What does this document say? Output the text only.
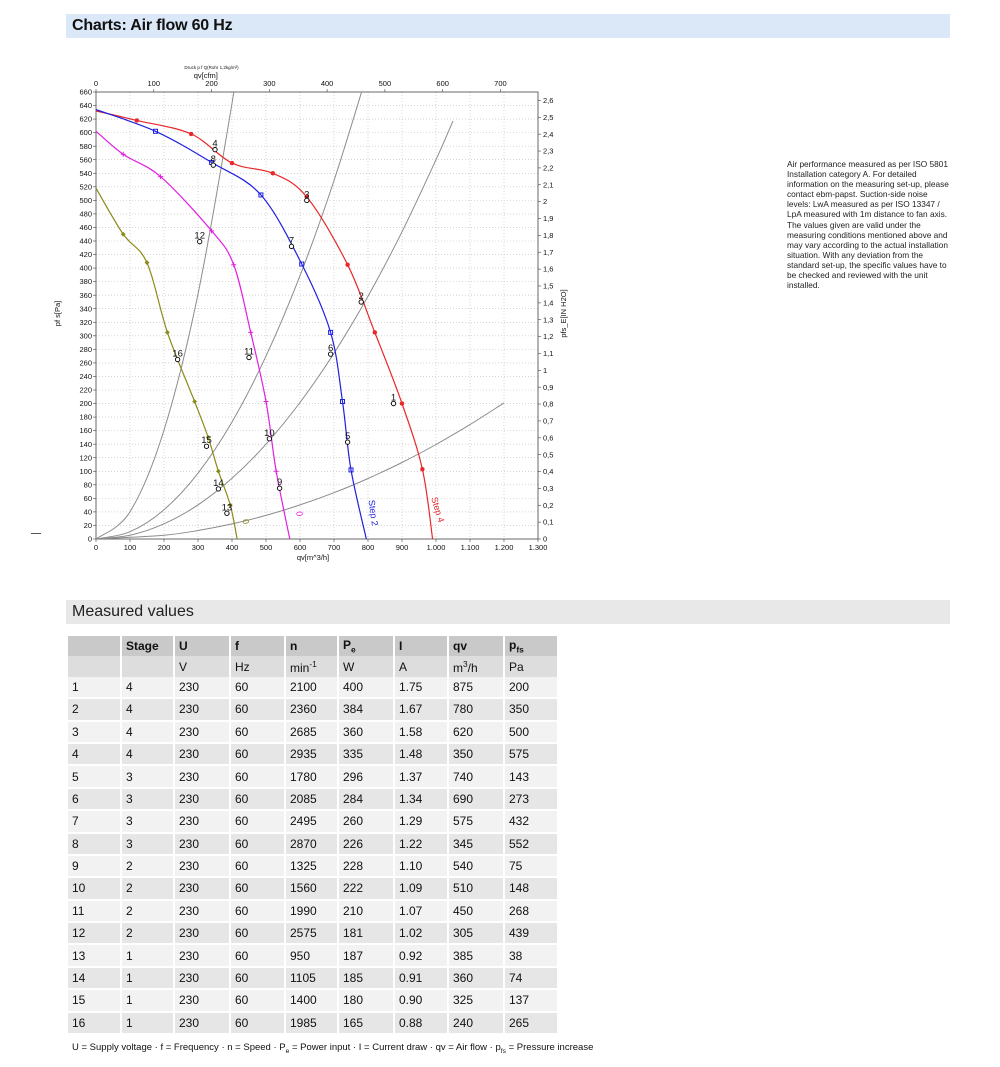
Charts: Air flow 60 Hz
0	100	200	300	400	500	600	700	800	900 1.000 1.100 1.200 1.300
0	100	200	300	400	500	600	700
0
20
40
60
80
100
120
140
160
180
200
220
240
260
280
300
320
340
360
380
400
420
440
460
480
500
520
540
560
580
600
620
640
660
0
0,1
0,2
0,3
0,4
0,5
0,6
0,7
0,8
0,9
1
1,1
1,2
1,3
1,4
1,5
1,6
1,7
1,8
1,9
2
2,1
2,2
2,3
2,4
2,5
2,6
qv[m^3/h]
qv[cfm]
Druck p f Q(Rohr 1,2kg/m³)
pf s[Pa]	pfs_E[IN H2O]
Step 4
Step 2
0
0
1
2
3
4
5
6
7
8
9
10
11
12
13
14
15
16
Air performance measured as per ISO 5801 Installation category A. For detailed information on the measuring set-up, please contact ebm-papst. Suction-side noise levels: LwA measured as per ISO 13347 / LpA measured with 1m distance to fan axis. The values given are valid under the measuring conditions mentioned above and may vary according to the actual installation situation. With any deviation from the standard set-up, the specific values have to be checked and reviewed with the unit installed.
Measured values
	Stage	U	f	n	$P_e$	I	qv	$p_{fs}$
		V	Hz	$\min^{-1}$	W	A	$m^3/h$	Pa
1	4	230	60	2100	400	1.75	875	200
2	4	230	60	2360	384	1.67	780	350
3	4	230	60	2685	360	1.58	620	500
4	4	230	60	2935	335	1.48	350	575
5	3	230	60	1780	296	1.37	740	143
6	3	230	60	2085	284	1.34	690	273
7	3	230	60	2495	260	1.29	575	432
8	3	230	60	2870	226	1.22	345	552
9	2	230	60	1325	228	1.10	540	75
10	2	230	60	1560	222	1.09	510	148
11	2	230	60	1990	210	1.07	450	268
12	2	230	60	2575	181	1.02	305	439
13	1	230	60	950	187	0.92	385	38
14	1	230	60	1105	185	0.91	360	74
15	1	230	60	1400	180	0.90	325	137
16	1	230	60	1985	165	0.88	240	265
U = Supply voltage · f = Frequency · n = Speed · $P_e$ = Power input · I = Current draw · qv = Air flow · $p_{fs}$ = Pressure increase
